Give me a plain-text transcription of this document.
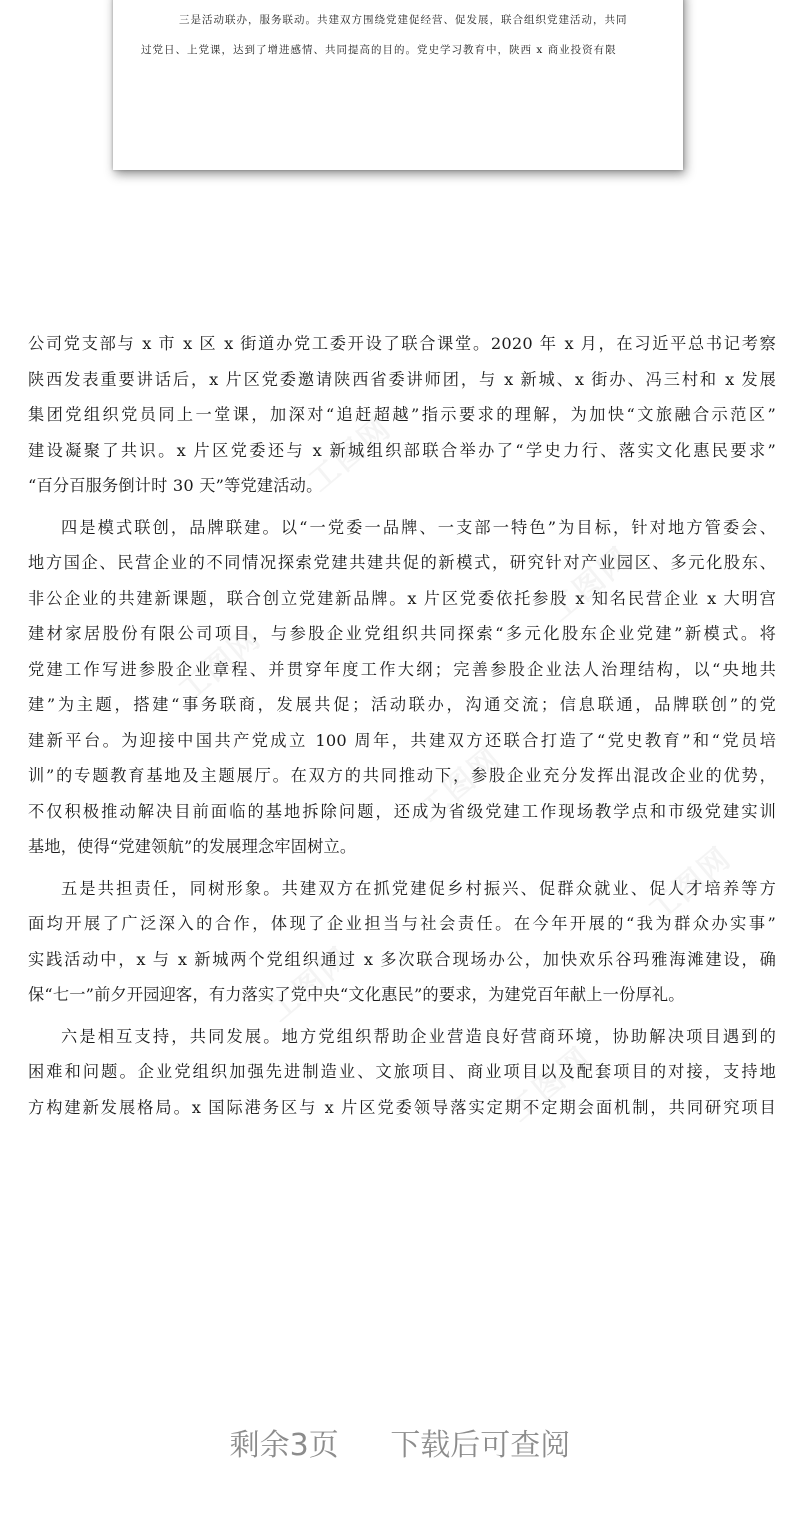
三是活动联办，服务联动。共建双方围绕党建促经营、促发展，联合组织党建活动，共同
过党日、上党课，达到了增进感情、共同提高的目的。党史学习教育中，陕西 x 商业投资有限

公司党支部与 x 市 x 区 x 街道办党工委开设了联合课堂。2020 年 x 月，在习近平总书记考察
陕西发表重要讲话后，x 片区党委邀请陕西省委讲师团，与 x 新城、x 街办、冯三村和 x 发展
集团党组织党员同上一堂课，加深对“追赶超越”指示要求的理解，为加快“文旅融合示范区”
建设凝聚了共识。x 片区党委还与 x 新城组织部联合举办了“学史力行、落实文化惠民要求”
“百分百服务倒计时 30 天”等党建活动。

四是模式联创，品牌联建。以“一党委一品牌、一支部一特色”为目标，针对地方管委会、
地方国企、民营企业的不同情况探索党建共建共促的新模式，研究针对产业园区、多元化股东、
非公企业的共建新课题，联合创立党建新品牌。x 片区党委依托参股 x 知名民营企业 x 大明宫
建材家居股份有限公司项目，与参股企业党组织共同探索“多元化股东企业党建”新模式。将
党建工作写进参股企业章程、并贯穿年度工作大纲；完善参股企业法人治理结构，以“央地共
建”为主题，搭建“事务联商，发展共促；活动联办，沟通交流；信息联通，品牌联创”的党
建新平台。为迎接中国共产党成立 100 周年，共建双方还联合打造了“党史教育”和“党员培
训”的专题教育基地及主题展厅。在双方的共同推动下，参股企业充分发挥出混改企业的优势，
不仅积极推动解决目前面临的基地拆除问题，还成为省级党建工作现场教学点和市级党建实训
基地，使得“党建领航”的发展理念牢固树立。

五是共担责任，同树形象。共建双方在抓党建促乡村振兴、促群众就业、促人才培养等方
面均开展了广泛深入的合作，体现了企业担当与社会责任。在今年开展的“我为群众办实事”
实践活动中，x 与 x 新城两个党组织通过 x 多次联合现场办公，加快欢乐谷玛雅海滩建设，确
保“七一”前夕开园迎客，有力落实了党中央“文化惠民”的要求，为建党百年献上一份厚礼。

六是相互支持，共同发展。地方党组织帮助企业营造良好营商环境，协助解决项目遇到的
困难和问题。企业党组织加强先进制造业、文旅项目、商业项目以及配套项目的对接，支持地
方构建新发展格局。x 国际港务区与 x 片区党委领导落实定期不定期会面机制，共同研究项目

剩余3页 下载后可查阅
